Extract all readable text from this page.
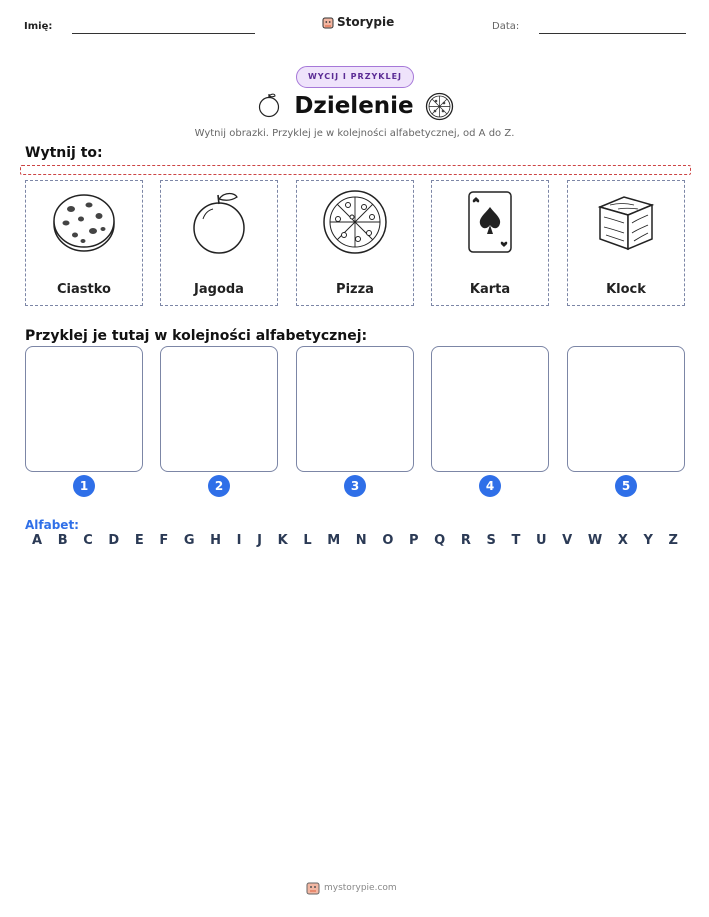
Imię:	Storypie	Data:
WYCIJ I PRZYKLEJ
Dzielenie
Wytnij obrazki. Przyklej je w kolejności alfabetycznej, od A do Z.
Wytnij to:
Ciastko	Jagoda	Pizza	Karta	Klock
Przyklej je tutaj w kolejności alfabetycznej:
1	2	3	4	5
Alfabet:
A B C D E F G H I J K L M N O P Q R S T U V W X Y Z
mystorypie.com
